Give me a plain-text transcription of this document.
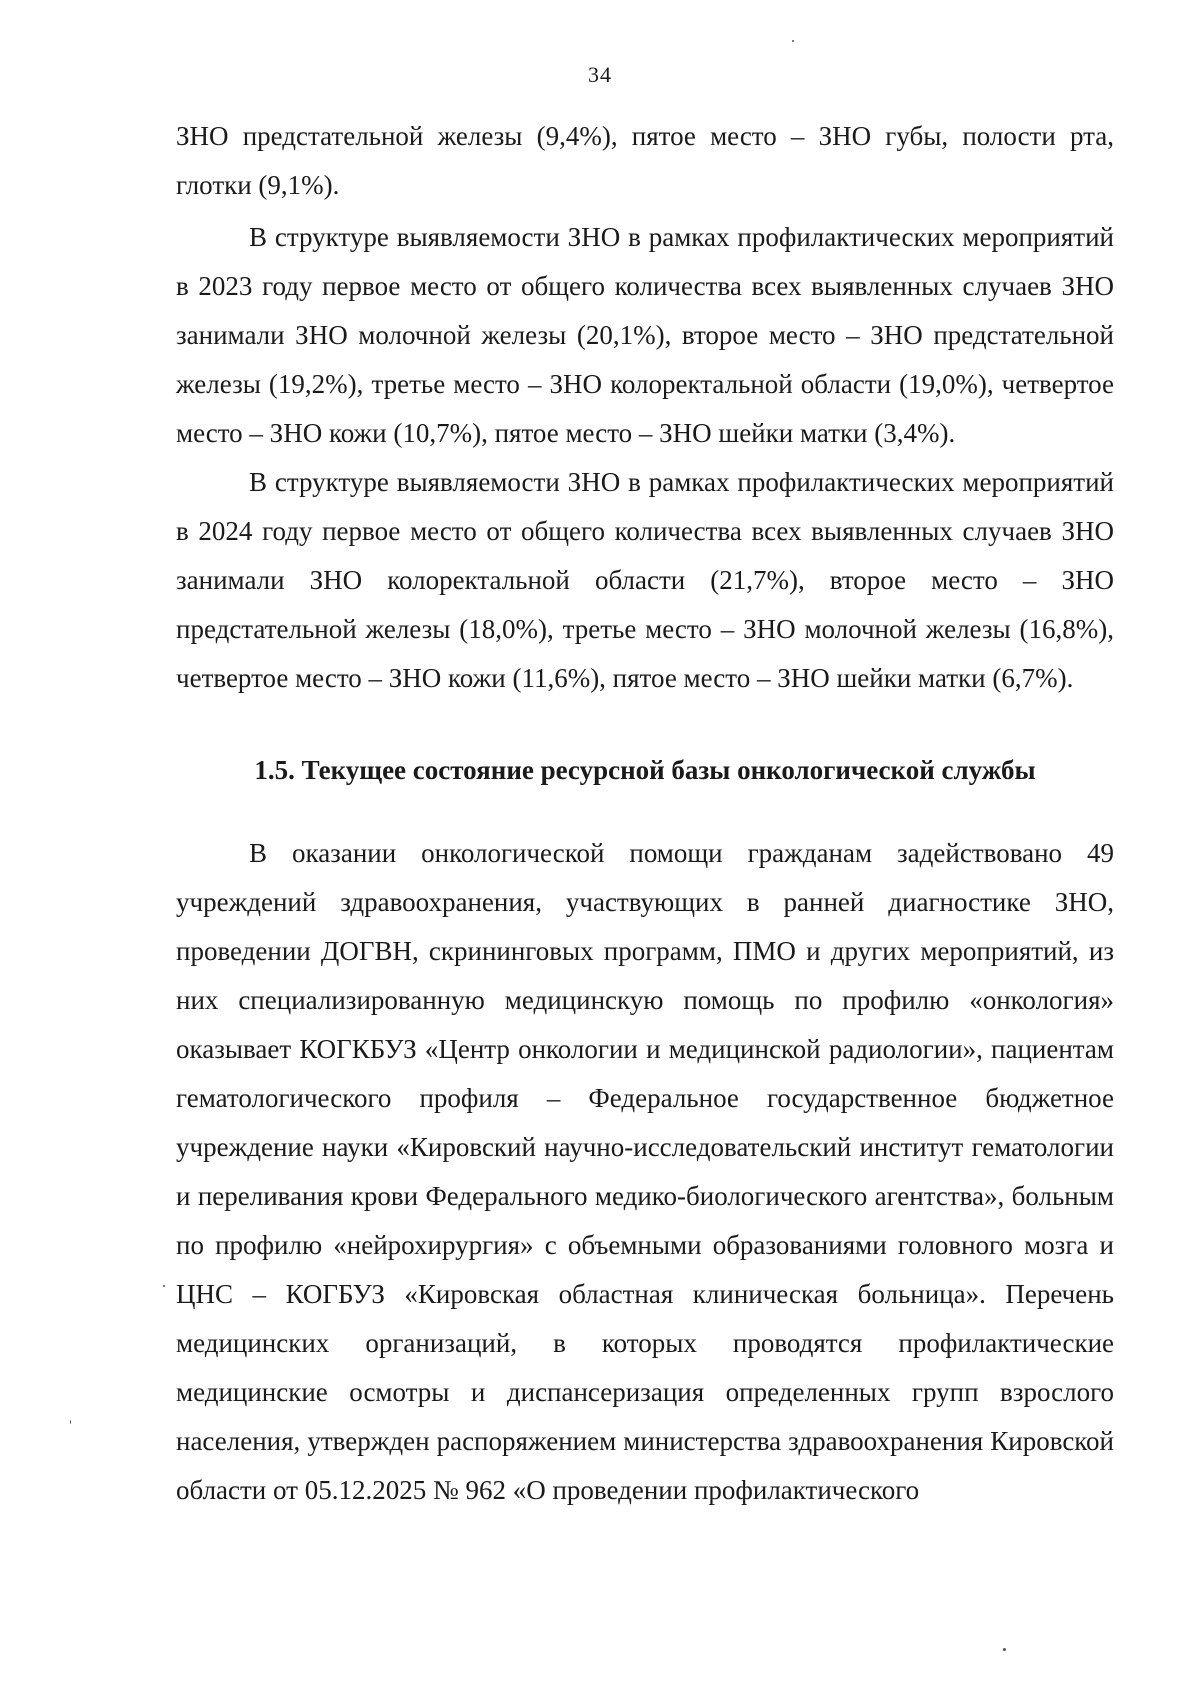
34

ЗНО предстательной железы (9,4%), пятое место – ЗНО губы, полости рта, глотки (9,1%).

В структуре выявляемости ЗНО в рамках профилактических мероприятий в 2023 году первое место от общего количества всех выявленных случаев ЗНО занимали ЗНО молочной железы (20,1%), второе место – ЗНО предстательной железы (19,2%), третье место – ЗНО колоректальной области (19,0%), четвертое место – ЗНО кожи (10,7%), пятое место – ЗНО шейки матки (3,4%).

В структуре выявляемости ЗНО в рамках профилактических мероприятий в 2024 году первое место от общего количества всех выявленных случаев ЗНО занимали ЗНО колоректальной области (21,7%), второе место – ЗНО предстательной железы (18,0%), третье место – ЗНО молочной железы (16,8%), четвертое место – ЗНО кожи (11,6%), пятое место – ЗНО шейки матки (6,7%).

1.5. Текущее состояние ресурсной базы онкологической службы

В оказании онкологической помощи гражданам задействовано 49 учреждений здравоохранения, участвующих в ранней диагностике ЗНО, проведении ДОГВН, скрининговых программ, ПМО и других мероприятий, из них специализированную медицинскую помощь по профилю «онкология» оказывает КОГКБУЗ «Центр онкологии и медицинской радиологии», пациентам гематологического профиля – Федеральное государственное бюджетное учреждение науки «Кировский научно-исследовательский институт гематологии и переливания крови Федерального медико-биологического агентства», больным по профилю «нейрохирургия» с объемными образованиями головного мозга и ЦНС – КОГБУЗ «Кировская областная клиническая больница». Перечень медицинских организаций, в которых проводятся профилактические медицинские осмотры и диспансеризация определенных групп взрослого населения, утвержден распоряжением министерства здравоохранения Кировской области от 05.12.2025 № 962 «О проведении профилактического
